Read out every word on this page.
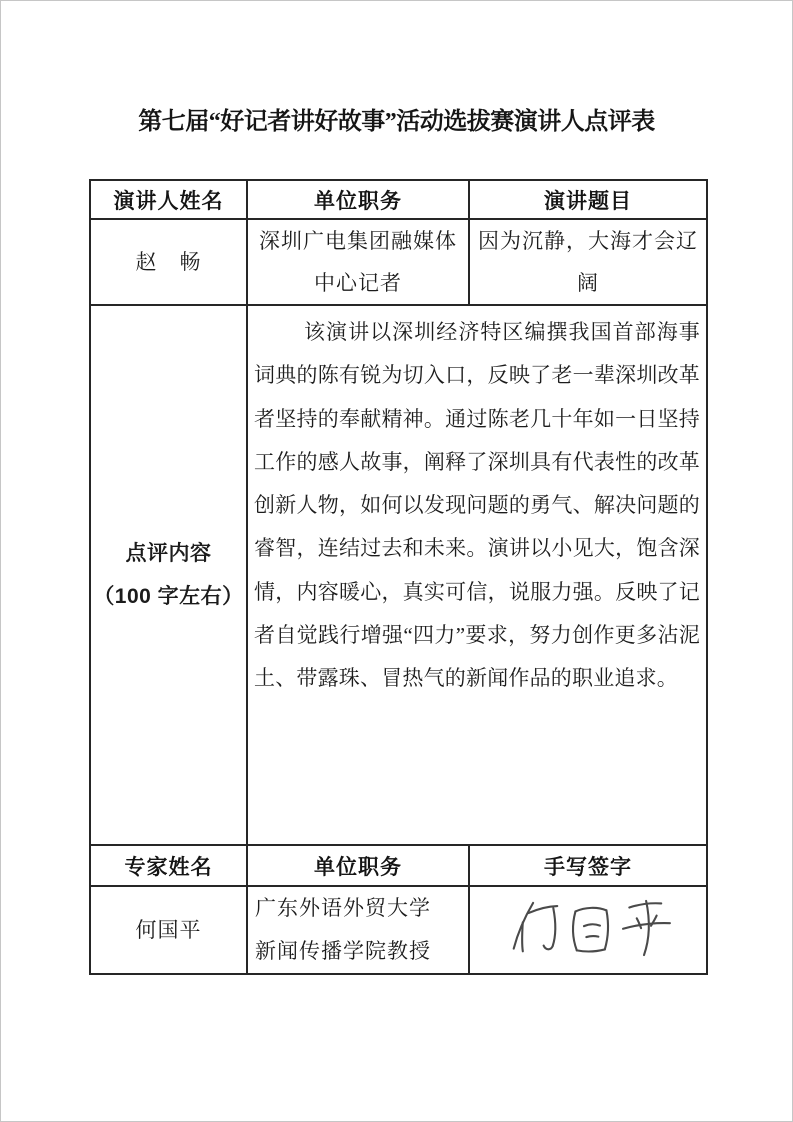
第七届“好记者讲好故事”活动选拔赛演讲人点评表
演讲人姓名	单位职务	演讲题目
赵　畅	深圳广电集团融媒体中心记者	因为沉静，大海才会辽阔

点评内容
（100 字左右）	该演讲以深圳经济特区编撰我国首部海事词典的陈有锐为切入口，反映了老一辈深圳改革者坚持的奉献精神。通过陈老几十年如一日坚持工作的感人故事，阐释了深圳具有代表性的改革创新人物，如何以发现问题的勇气、解决问题的睿智，连结过去和未来。演讲以小见大，饱含深情，内容暖心，真实可信，说服力强。反映了记者自觉践行增强“四力”要求，努力创作更多沾泥土、带露珠、冒热气的新闻作品的职业追求。	
专家姓名	单位职务	手写签字
何国平	广东外语外贸大学
新闻传播学院教授
